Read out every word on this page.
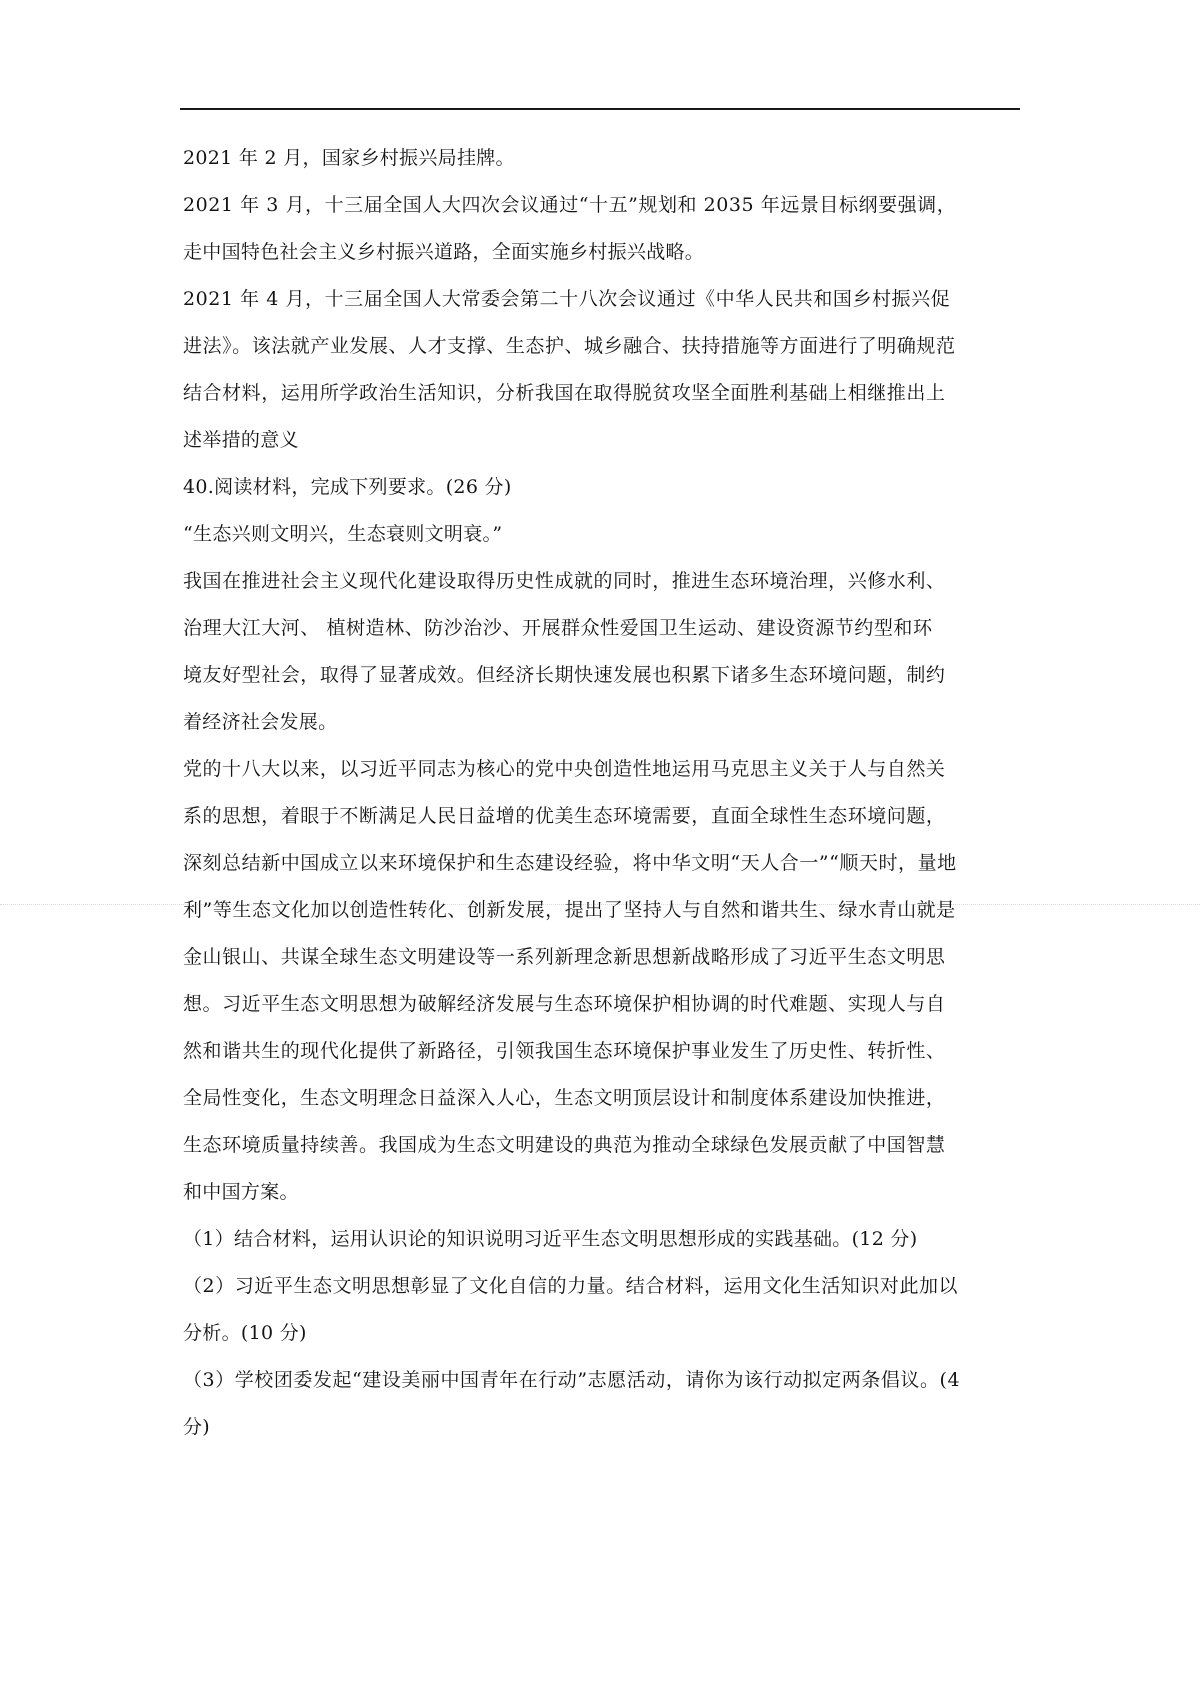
2021 年 2 月，国家乡村振兴局挂牌。
2021 年 3 月，十三届全国人大四次会议通过“十五”规划和 2035 年远景目标纲要强调，
走中国特色社会主义乡村振兴道路，全面实施乡村振兴战略。
2021 年 4 月，十三届全国人大常委会第二十八次会议通过《中华人民共和国乡村振兴促
进法》。该法就产业发展、人才支撑、生态护、城乡融合、扶持措施等方面进行了明确规范
结合材料，运用所学政治生活知识，分析我国在取得脱贫攻坚全面胜利基础上相继推出上
述举措的意义
40.阅读材料，完成下列要求。(26 分)
“生态兴则文明兴，生态衰则文明衰。”
我国在推进社会主义现代化建设取得历史性成就的同时，推进生态环境治理，兴修水利、
治理大江大河、 植树造林、防沙治沙、开展群众性爱国卫生运动、建设资源节约型和环
境友好型社会，取得了显著成效。但经济长期快速发展也积累下诸多生态环境问题，制约
着经济社会发展。
党的十八大以来，以习近平同志为核心的党中央创造性地运用马克思主义关于人与自然关
系的思想，着眼于不断满足人民日益增的优美生态环境需要，直面全球性生态环境问题，
深刻总结新中国成立以来环境保护和生态建设经验，将中华文明“天人合一”“顺天时，量地
利”等生态文化加以创造性转化、创新发展，提出了坚持人与自然和谐共生、绿水青山就是
金山银山、共谋全球生态文明建设等一系列新理念新思想新战略形成了习近平生态文明思
想。习近平生态文明思想为破解经济发展与生态环境保护相协调的时代难题、实现人与自
然和谐共生的现代化提供了新路径，引领我国生态环境保护事业发生了历史性、转折性、
全局性变化，生态文明理念日益深入人心，生态文明顶层设计和制度体系建设加快推进，
生态环境质量持续善。我国成为生态文明建设的典范为推动全球绿色发展贡献了中国智慧
和中国方案。
（1）结合材料，运用认识论的知识说明习近平生态文明思想形成的实践基础。(12 分)
（2）习近平生态文明思想彰显了文化自信的力量。结合材料，运用文化生活知识对此加以
分析。(10 分)
（3）学校团委发起“建设美丽中国青年在行动”志愿活动，请你为该行动拟定两条倡议。(4
分)
